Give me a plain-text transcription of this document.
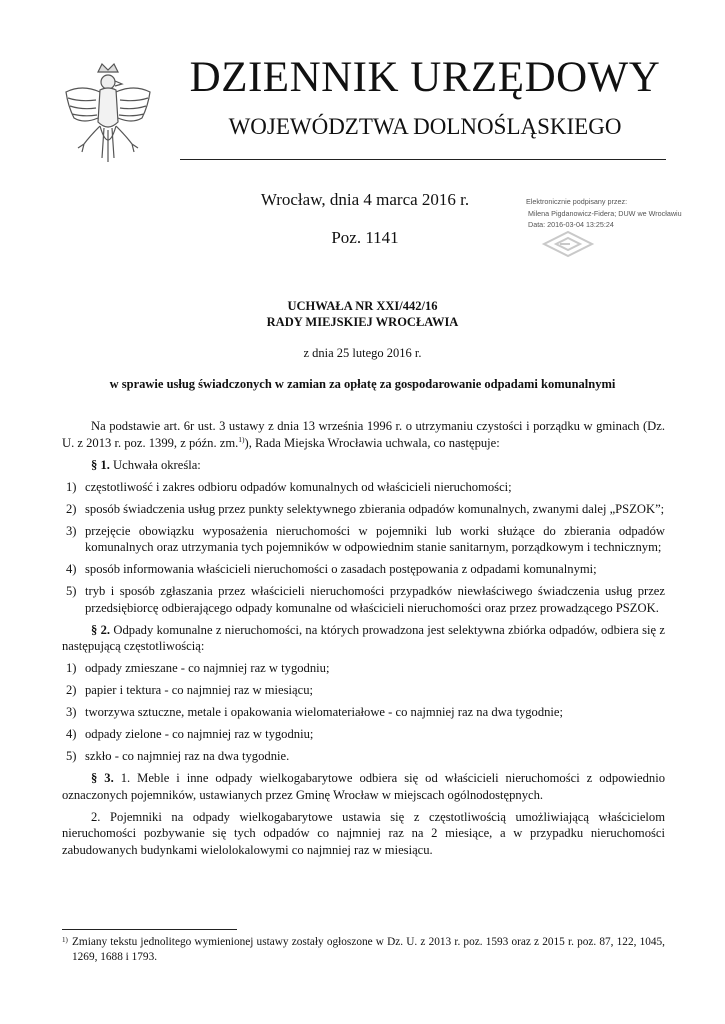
DZIENNIK URZĘDOWY
WOJEWÓDZTWA DOLNOŚLĄSKIEGO
Wrocław, dnia 4 marca 2016 r.
Poz. 1141
Elektronicznie podpisany przez:
Milena Pigdanowicz-Fidera; DUW we Wrocławiu
Data: 2016-03-04 13:25:24
UCHWAŁA NR XXI/442/16
RADY MIEJSKIEJ WROCŁAWIA
z dnia 25 lutego 2016 r.
w sprawie usług świadczonych w zamian za opłatę za gospodarowanie odpadami komunalnymi

Na podstawie art. 6r ust. 3 ustawy z dnia 13 września 1996 r. o utrzymaniu czystości i porządku w gminach (Dz. U. z 2013 r. poz. 1399, z późn. zm.$^{1)}$), Rada Miejska Wrocławia uchwala, co następuje:

§ 1. Uchwała określa:

1) częstotliwość i zakres odbioru odpadów komunalnych od właścicieli nieruchomości;
2) sposób świadczenia usług przez punkty selektywnego zbierania odpadów komunalnych, zwanymi dalej „PSZOK”;
3) przejęcie obowiązku wyposażenia nieruchomości w pojemniki lub worki służące do zbierania odpadów komunalnych oraz utrzymania tych pojemników w odpowiednim stanie sanitarnym, porządkowym i technicznym;
4) sposób informowania właścicieli nieruchomości o zasadach postępowania z odpadami komunalnymi;
5) tryb i sposób zgłaszania przez właścicieli nieruchomości przypadków niewłaściwego świadczenia usług przez przedsiębiorcę odbierającego odpady komunalne od właścicieli nieruchomości oraz przez prowadzącego PSZOK.

§ 2. Odpady komunalne z nieruchomości, na których prowadzona jest selektywna zbiórka odpadów, odbiera się z następującą częstotliwością:

1) odpady zmieszane - co najmniej raz w tygodniu;
2) papier i tektura - co najmniej raz w miesiącu;
3) tworzywa sztuczne, metale i opakowania wielomateriałowe - co najmniej raz na dwa tygodnie;
4) odpady zielone - co najmniej raz w tygodniu;
5) szkło - co najmniej raz na dwa tygodnie.

§ 3. 1. Meble i inne odpady wielkogabarytowe odbiera się od właścicieli nieruchomości z odpowiednio oznaczonych pojemników, ustawianych przez Gminę Wrocław w miejscach ogólnodostępnych.

2. Pojemniki na odpady wielkogabarytowe ustawia się z częstotliwością umożliwiającą właścicielom nieruchomości pozbywanie się tych odpadów co najmniej raz na 2 miesiące, a w przypadku nieruchomości zabudowanych budynkami wielolokalowymi co najmniej raz w miesiącu.

1) Zmiany tekstu jednolitego wymienionej ustawy zostały ogłoszone w Dz. U. z 2013 r. poz. 1593 oraz z 2015 r. poz. 87, 122, 1045, 1269, 1688 i 1793.
